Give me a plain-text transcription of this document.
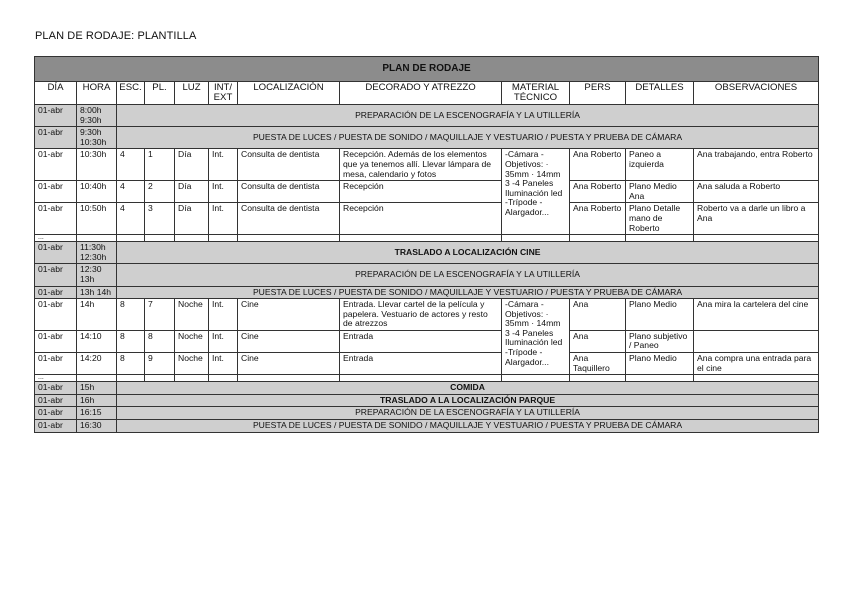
PLAN DE RODAJE: PLANTILLA
PLAN DE RODAJE											
DÍA	HORA	ESC.	PL.	LUZ	INT/ EXT	LOCALIZACIÓN	DECORADO Y ATREZZO	MATERIAL TÉCNICO	PERS	DETALLES	OBSERVACIONES
01-abr	8:00h 9:30h	PREPARACIÓN DE LA ESCENOGRAFÍA Y LA UTILLERÍA									
01-abr	9:30h 10:30h	PUESTA DE LUCES / PUESTA DE SONIDO / MAQUILLAJE Y VESTUARIO / PUESTA Y PRUEBA DE CÁMARA									
01-abr	10:30h	4	1	Día	Int.	Consulta de dentista	Recepción. Además de los elementos que ya tenemos allí. Llevar lámpara de mesa, calendario y fotos	-Cámara -Objetivos: · 35mm · 14mm 3 -4 Paneles Iluminación led -Trípode - Alargador...	Ana Roberto	Paneo a izquierda	Ana trabajando, entra Roberto
01-abr	10:40h	4	2	Día	Int.	Consulta de dentista	Recepción		Ana Roberto	Plano Medio Ana	Ana saluda a Roberto
01-abr	10:50h	4	3	Día	Int.	Consulta de dentista	Recepción		Ana Roberto	Plano Detalle mano de Roberto	Roberto va a darle un libro a Ana
...											
01-abr	11:30h 12:30h	TRASLADO A LOCALIZACIÓN CINE									
01-abr	12:30 13h	PREPARACIÓN DE LA ESCENOGRAFÍA Y LA UTILLERÍA									
01-abr	13h 14h	PUESTA DE LUCES / PUESTA DE SONIDO / MAQUILLAJE Y VESTUARIO / PUESTA Y PRUEBA DE CÁMARA									
01-abr	14h	8	7	Noche	Int.	Cine	Entrada. Llevar cartel de la película y papelera. Vestuario de actores y resto de atrezzos	-Cámara -Objetivos: · 35mm · 14mm 3 -4 Paneles Iluminación led -Trípode - Alargador...	Ana	Plano Medio	Ana mira la cartelera del cine
01-abr	14:10	8	8	Noche	Int.	Cine	Entrada		Ana	Plano subjetivo / Paneo	
01-abr	14:20	8	9	Noche	Int.	Cine	Entrada		Ana Taquillero	Plano Medio	Ana compra una entrada para el cine
...											
01-abr	15h	COMIDA									
01-abr	16h	TRASLADO A LA LOCALIZACIÓN PARQUE									
01-abr	16:15	PREPARACIÓN DE LA ESCENOGRAFÍA Y LA UTILLERÍA									
01-abr	16:30	PUESTA DE LUCES / PUESTA DE SONIDO / MAQUILLAJE Y VESTUARIO / PUESTA Y PRUEBA DE CÁMARA									
